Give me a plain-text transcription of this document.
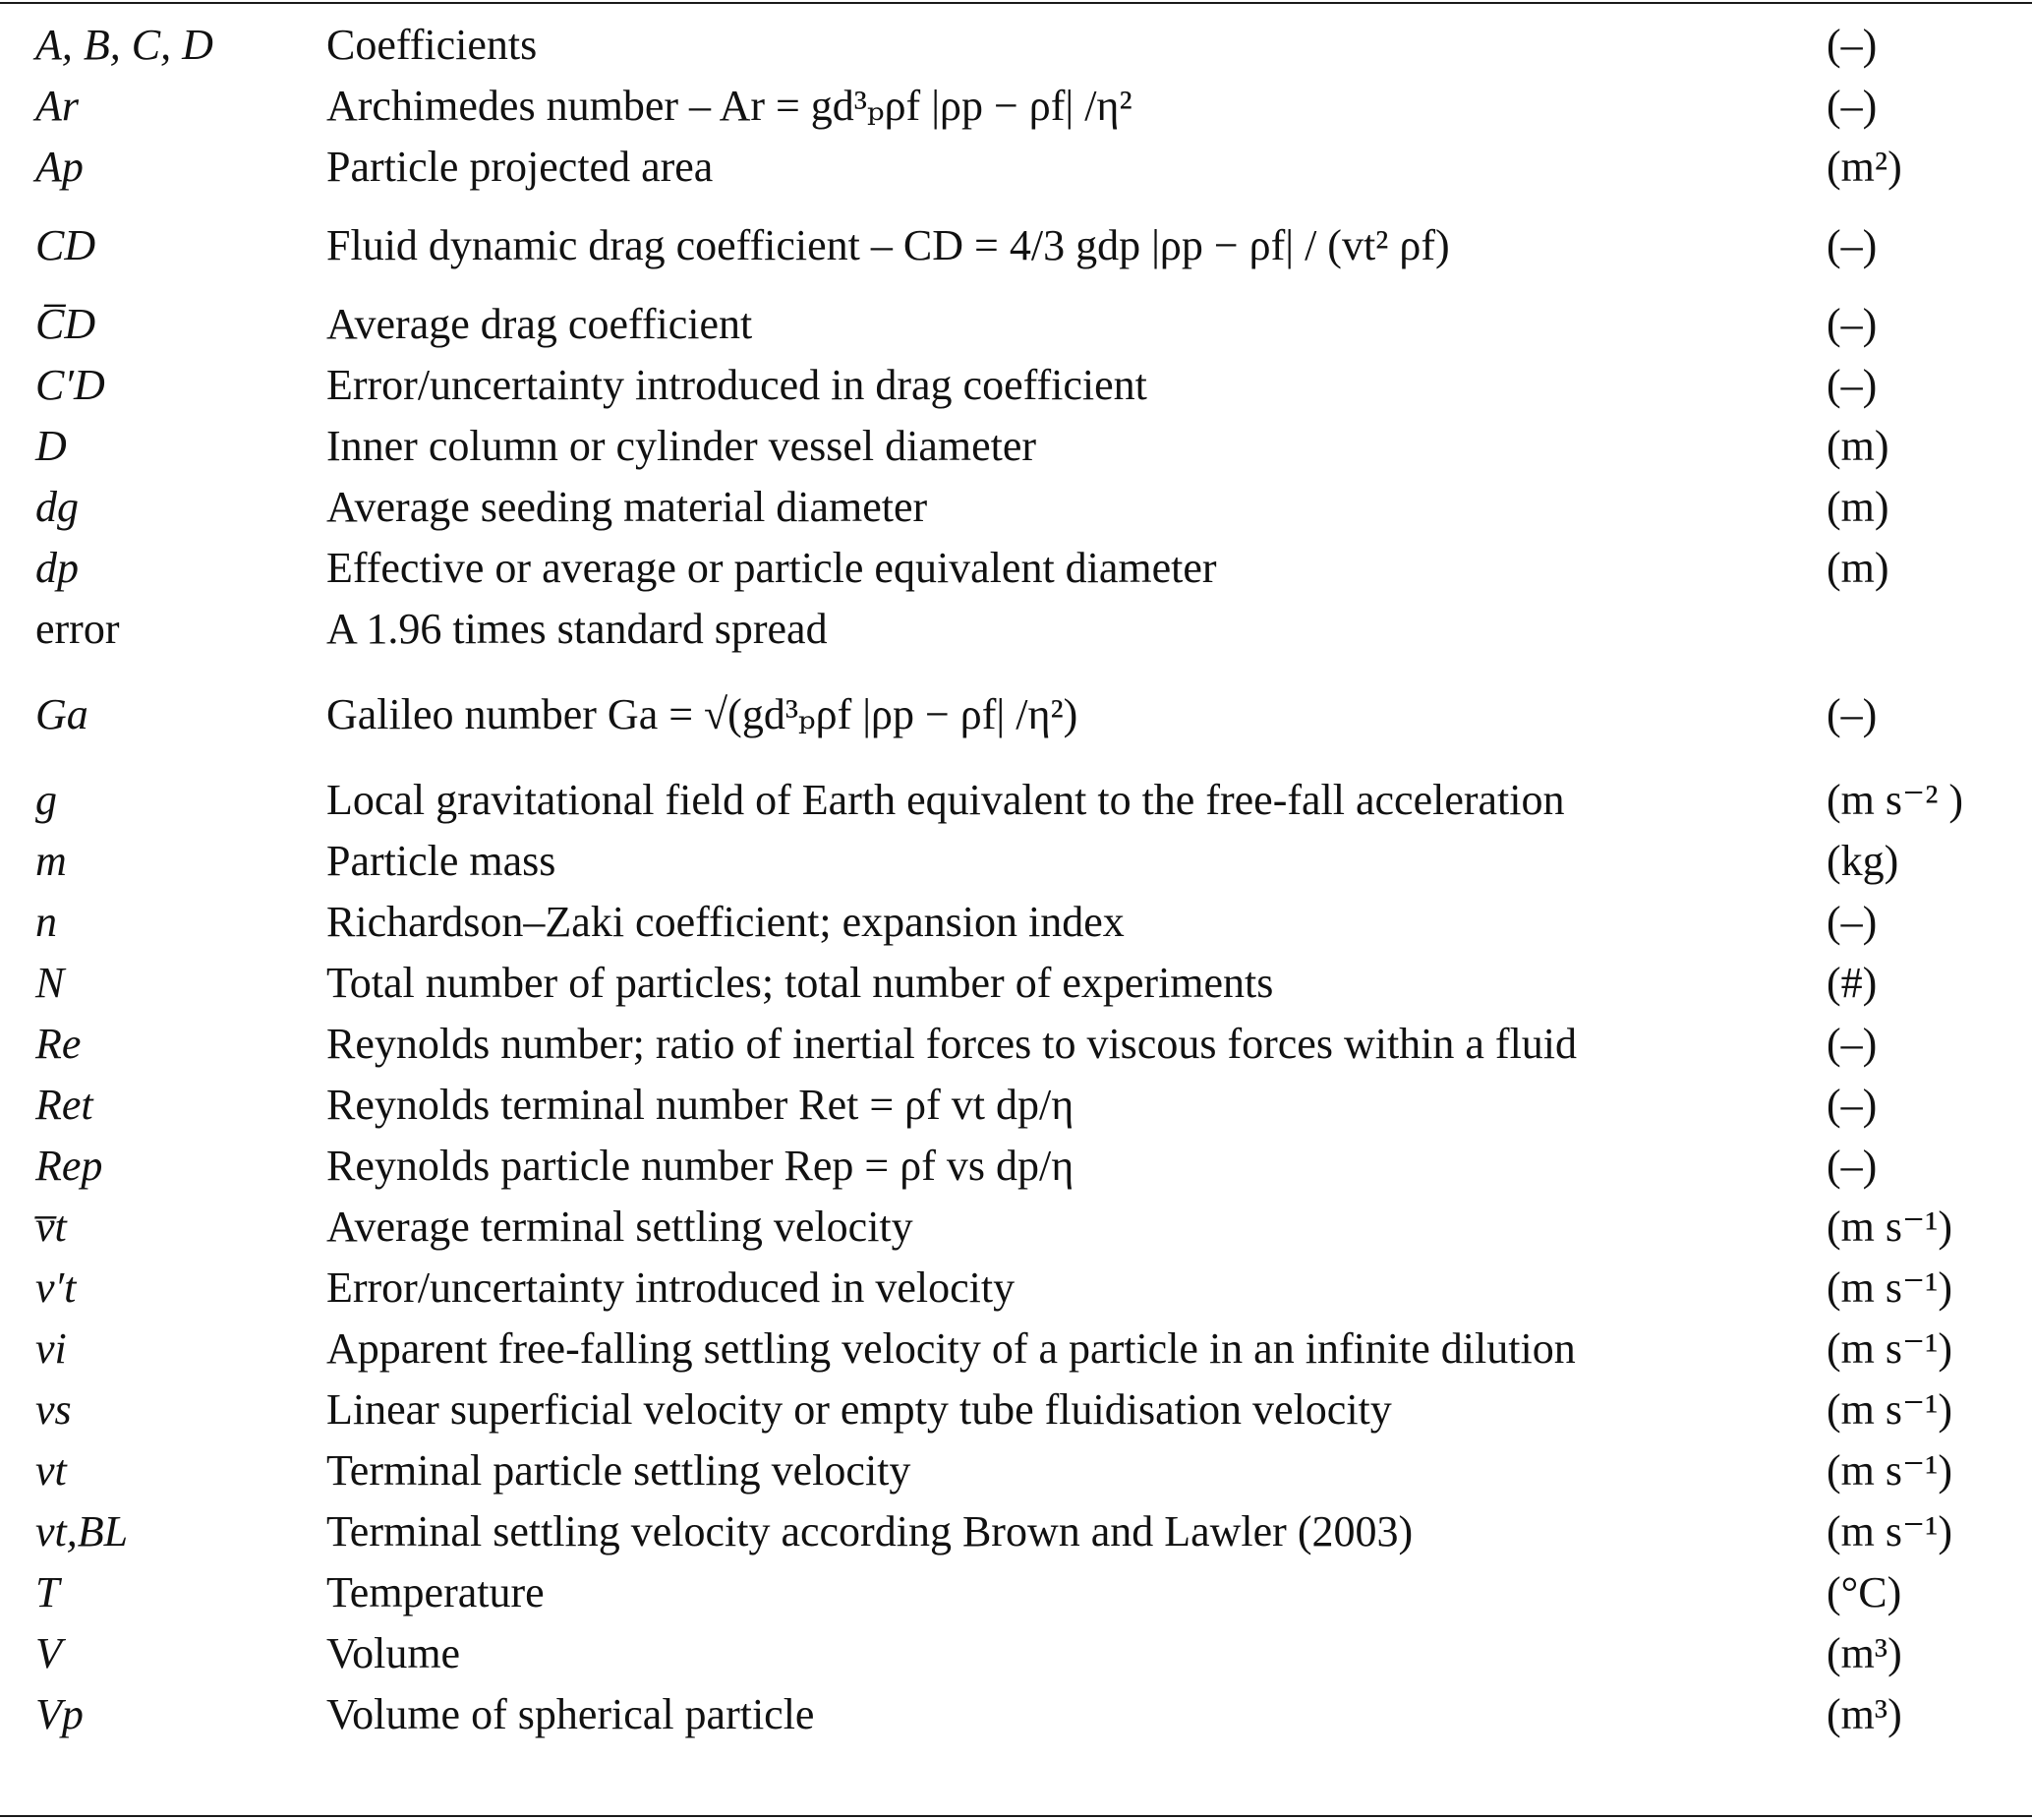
A, B, C, D	Coefficients	(–)
Ar	Archimedes number – Ar = gd³ₚρf |ρp − ρf| /η²	(–)
Ap	Particle projected area	(m²)
CD	Fluid dynamic drag coefficient – CD = 4/3 gdp |ρp − ρf| / (vt² ρf)	(–)
C̅D	Average drag coefficient	(–)
C′D	Error/uncertainty introduced in drag coefficient	(–)
D	Inner column or cylinder vessel diameter	(m)
dg	Average seeding material diameter	(m)
dp	Effective or average or particle equivalent diameter	(m)
error	A 1.96 times standard spread	
Ga	Galileo number Ga = √(gd³ₚρf |ρp − ρf| /η²)	(–)
g	Local gravitational field of Earth equivalent to the free-fall acceleration	(m s⁻² )
m	Particle mass	(kg)
n	Richardson–Zaki coefficient; expansion index	(–)
N	Total number of particles; total number of experiments	(#)
Re	Reynolds number; ratio of inertial forces to viscous forces within a fluid	(–)
Ret	Reynolds terminal number Ret = ρf vt dp/η	(–)
Rep	Reynolds particle number Rep = ρf vs dp/η	(–)
v̅t	Average terminal settling velocity	(m s⁻¹)
v′t	Error/uncertainty introduced in velocity	(m s⁻¹)
vi	Apparent free-falling settling velocity of a particle in an infinite dilution	(m s⁻¹)
vs	Linear superficial velocity or empty tube fluidisation velocity	(m s⁻¹)
vt	Terminal particle settling velocity	(m s⁻¹)
vt,BL	Terminal settling velocity according Brown and Lawler (2003)	(m s⁻¹)
T	Temperature	(°C)
V	Volume	(m³)
Vp	Volume of spherical particle	(m³)
